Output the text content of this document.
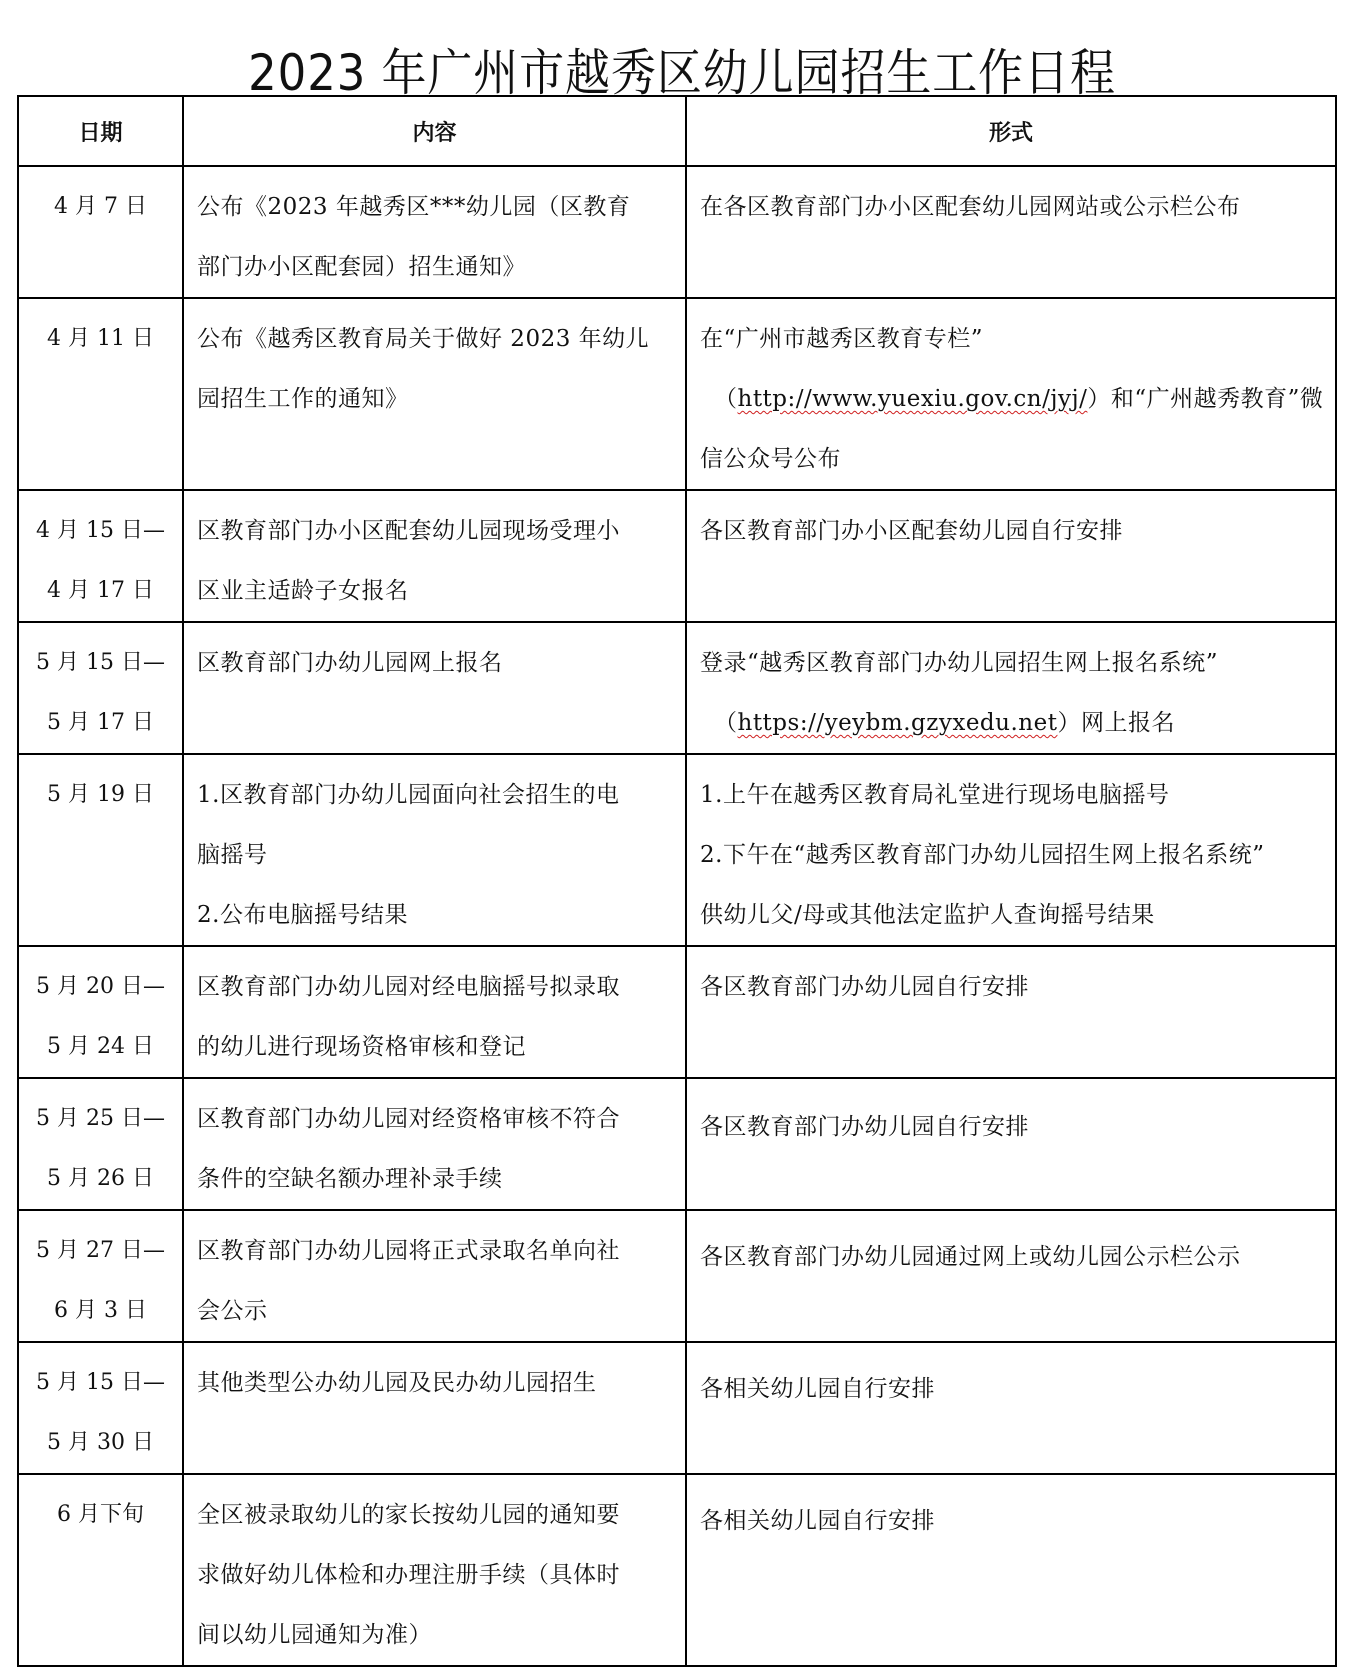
2023 年广州市越秀区幼儿园招生工作日程
日期	内容	形式

4 月 7 日	公布《2023 年越秀区***幼儿园（区教育
部门办小区配套园）招生通知》	在各区教育部门办小区配套幼儿园网站或公示栏公布

4 月 11 日	公布《越秀区教育局关于做好 2023 年幼儿
园招生工作的通知》	在“广州市越秀区教育专栏”
（http://www.yuexiu.gov.cn/jyj/）和“广州越秀教育”微
信公众号公布

4 月 15 日—
4 月 17 日	区教育部门办小区配套幼儿园现场受理小
区业主适龄子女报名	各区教育部门办小区配套幼儿园自行安排

5 月 15 日—
5 月 17 日	区教育部门办幼儿园网上报名	登录“越秀区教育部门办幼儿园招生网上报名系统”
（https://yeybm.gzyxedu.net）网上报名

5 月 19 日	1.区教育部门办幼儿园面向社会招生的电
脑摇号
2.公布电脑摇号结果	1.上午在越秀区教育局礼堂进行现场电脑摇号
2.下午在“越秀区教育部门办幼儿园招生网上报名系统”
供幼儿父/母或其他法定监护人查询摇号结果

5 月 20 日—
5 月 24 日	区教育部门办幼儿园对经电脑摇号拟录取
的幼儿进行现场资格审核和登记	各区教育部门办幼儿园自行安排

5 月 25 日—
5 月 26 日	区教育部门办幼儿园对经资格审核不符合
条件的空缺名额办理补录手续	各区教育部门办幼儿园自行安排

5 月 27 日—
6 月 3 日	区教育部门办幼儿园将正式录取名单向社
会公示	各区教育部门办幼儿园通过网上或幼儿园公示栏公示

5 月 15 日—
5 月 30 日	其他类型公办幼儿园及民办幼儿园招生	各相关幼儿园自行安排

6 月下旬	全区被录取幼儿的家长按幼儿园的通知要
求做好幼儿体检和办理注册手续（具体时
间以幼儿园通知为准）	各相关幼儿园自行安排
